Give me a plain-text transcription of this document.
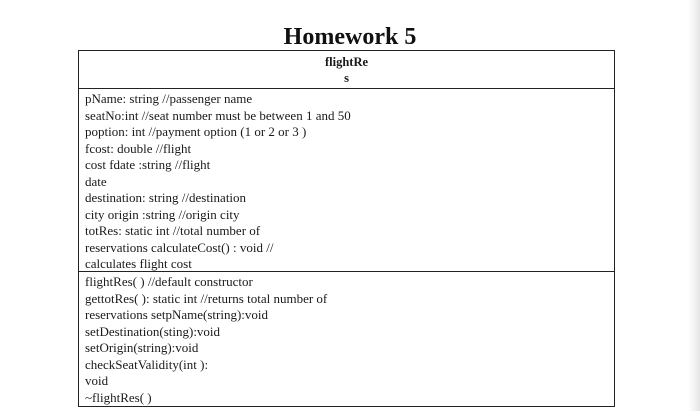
Homework 5
flightRe
s
pName: string //passenger name
seatNo:int //seat number must be between 1 and 50
poption: int //payment option (1 or 2 or 3 )
fcost: double //flight
cost fdate :string //flight
date
destination: string //destination
city origin :string //origin city
totRes: static int //total number of
reservations calculateCost() : void //
calculates flight cost
flightRes( ) //default constructor
gettotRes( ): static int //returns total number of
reservations setpName(string):void
setDestination(sting):void
setOrigin(string):void
checkSeatValidity(int ):
void
~flightRes( )
